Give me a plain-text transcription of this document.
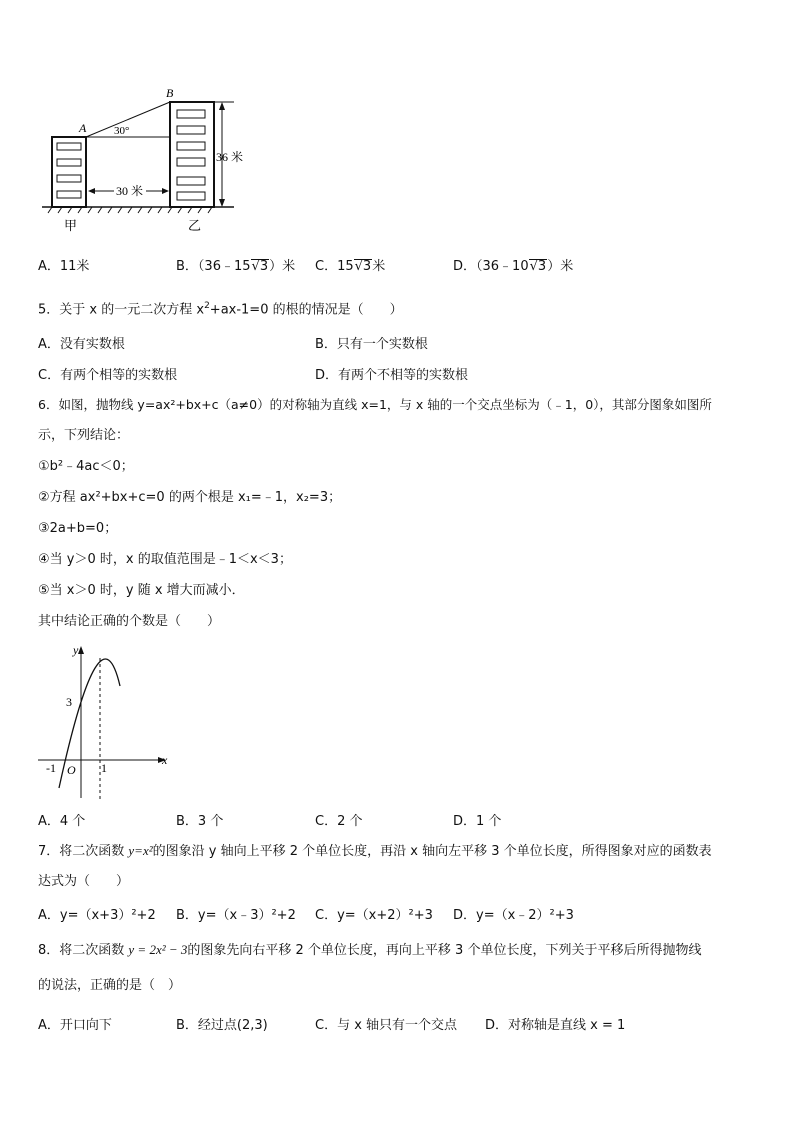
A
B
30°
36 米
30 米
甲	乙
A．11米	B．（36﹣15√3）米 C．15√3米	D．（36﹣10√3）米
5．关于 x 的一元二次方程 $x^2+ax-1=0$ 的根的情况是（　　）
A．没有实数根	B．只有一个实数根
C．有两个相等的实数根	D．有两个不相等的实数根
6．如图，抛物线 y=ax²+bx+c（a≠0）的对称轴为直线 x=1，与 x 轴的一个交点坐标为（﹣1，0），其部分图象如图所
示，下列结论：
①b²﹣4ac＜0；
②方程 ax²+bx+c=0 的两个根是 x₁=﹣1，x₂=3；
③2a+b=0；
④当 y＞0 时，x 的取值范围是﹣1＜x＜3；
⑤当 x＞0 时，y 随 x 增大而减小．
其中结论正确的个数是（　　）
y
x
O
3
-1	1
A．4 个	B．3 个	C．2 个	D．1 个
7．将二次函数 y=x²的图象沿 y 轴向上平移 2 个单位长度，再沿 x 轴向左平移 3 个单位长度，所得图象对应的函数表
达式为（　　）
A．y=（x+3）²+2 B．y=（x﹣3）²+2 C．y=（x+2）²+3 D．y=（x﹣2）²+3
8．将二次函数 y = 2x² − 3的图象先向右平移 2 个单位长度，再向上平移 3 个单位长度，下列关于平移后所得抛物线
的说法，正确的是（　）
A．开口向下	B．经过点(2,3)	C．与 x 轴只有一个交点 D．对称轴是直线 x = 1
